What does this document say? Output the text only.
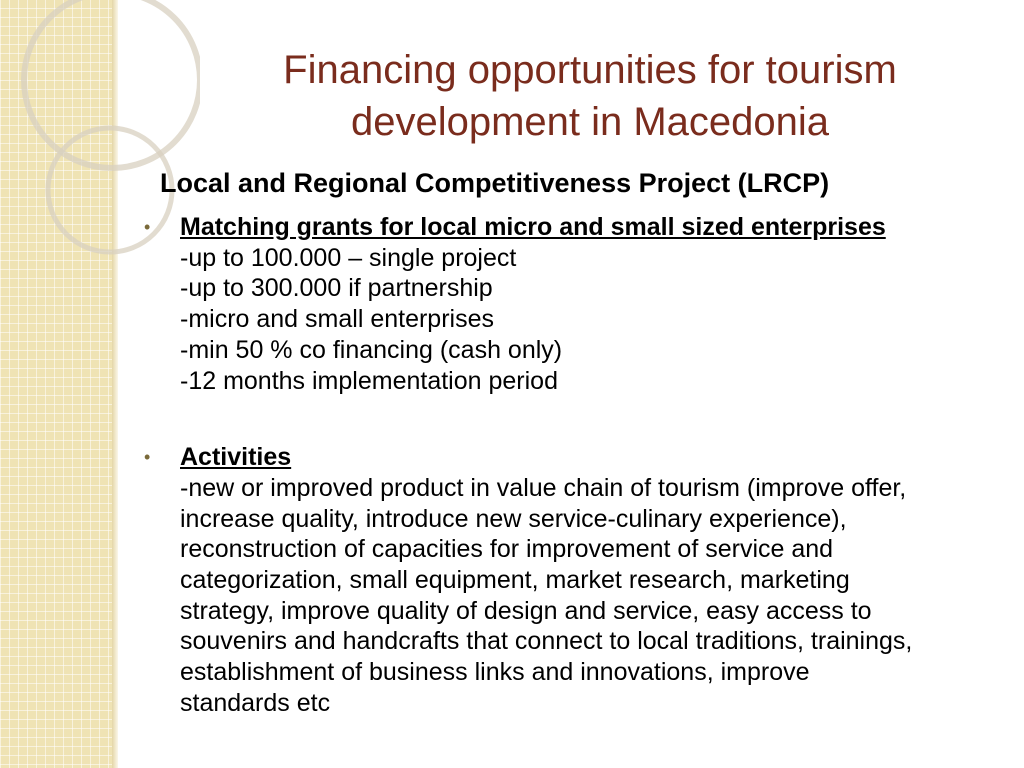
Financing opportunities for tourism
development in Macedonia
Local and Regional Competitiveness Project (LRCP)
• Matching grants for local micro and small sized enterprises
-up to 100.000 – single project
-up to 300.000 if partnership
-micro and small enterprises
-min 50 % co financing (cash only)
-12 months implementation period
• Activities
-new or improved product in value chain of tourism (improve offer,
increase quality, introduce new service-culinary experience),
reconstruction of capacities for improvement of service and
categorization, small equipment, market research, marketing
strategy, improve quality of design and service, easy access to
souvenirs and handcrafts that connect to local traditions, trainings,
establishment of business links and innovations, improve
standards etc
